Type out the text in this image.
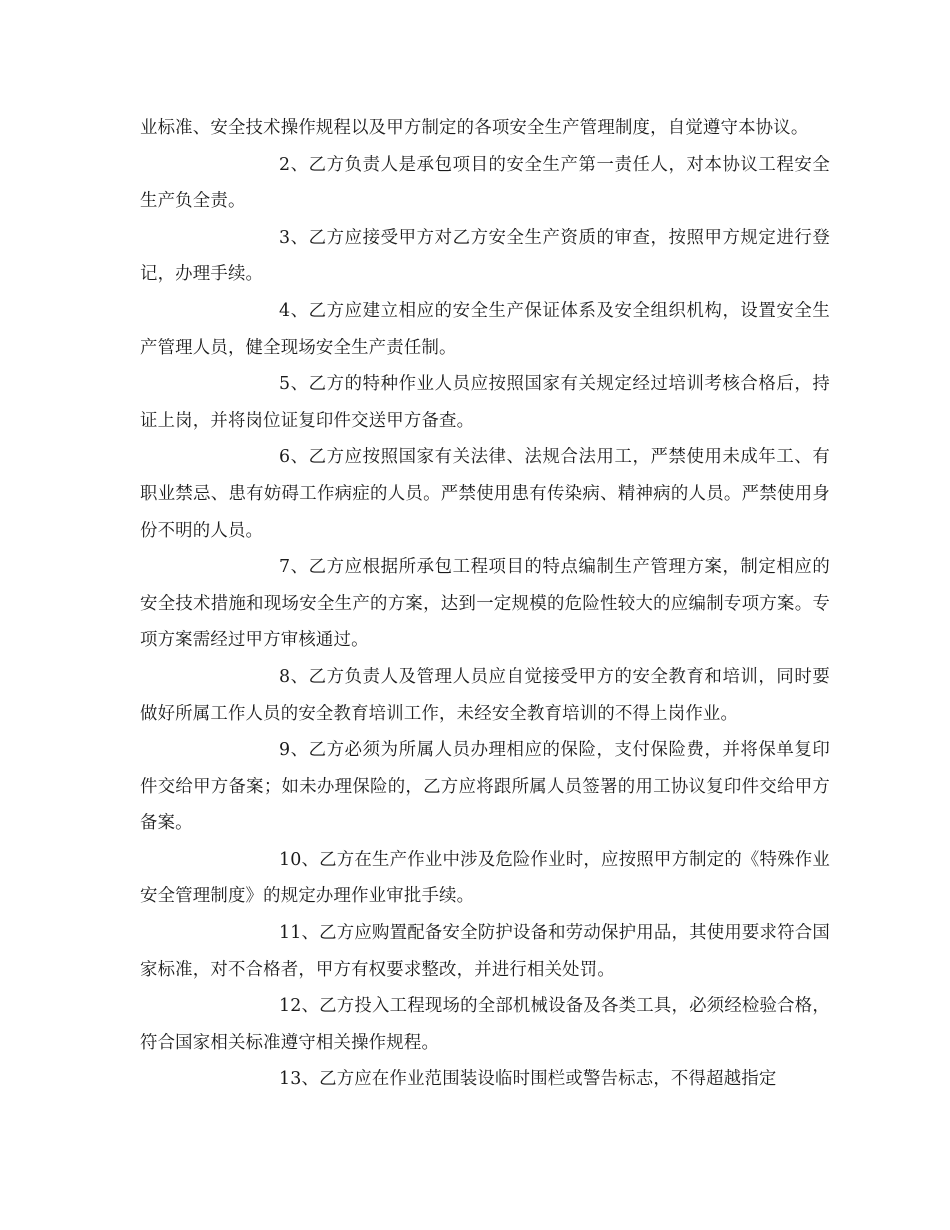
业标准、安全技术操作规程以及甲方制定的各项安全生产管理制度，自觉遵守本协议。

2、乙方负责人是承包项目的安全生产第一责任人，对本协议工程安全生产负全责。

3、乙方应接受甲方对乙方安全生产资质的审查，按照甲方规定进行登记，办理手续。

4、乙方应建立相应的安全生产保证体系及安全组织机构，设置安全生产管理人员，健全现场安全生产责任制。

5、乙方的特种作业人员应按照国家有关规定经过培训考核合格后，持证上岗，并将岗位证复印件交送甲方备查。

6、乙方应按照国家有关法律、法规合法用工，严禁使用未成年工、有职业禁忌、患有妨碍工作病症的人员。严禁使用患有传染病、精神病的人员。严禁使用身份不明的人员。

7、乙方应根据所承包工程项目的特点编制生产管理方案，制定相应的安全技术措施和现场安全生产的方案，达到一定规模的危险性较大的应编制专项方案。专项方案需经过甲方审核通过。

8、乙方负责人及管理人员应自觉接受甲方的安全教育和培训，同时要做好所属工作人员的安全教育培训工作，未经安全教育培训的不得上岗作业。

9、乙方必须为所属人员办理相应的保险，支付保险费，并将保单复印件交给甲方备案；如未办理保险的，乙方应将跟所属人员签署的用工协议复印件交给甲方备案。

10、乙方在生产作业中涉及危险作业时，应按照甲方制定的《特殊作业安全管理制度》的规定办理作业审批手续。

11、乙方应购置配备安全防护设备和劳动保护用品，其使用要求符合国家标准，对不合格者，甲方有权要求整改，并进行相关处罚。

12、乙方投入工程现场的全部机械设备及各类工具，必须经检验合格，符合国家相关标准遵守相关操作规程。

13、乙方应在作业范围装设临时围栏或警告标志，不得超越指定
